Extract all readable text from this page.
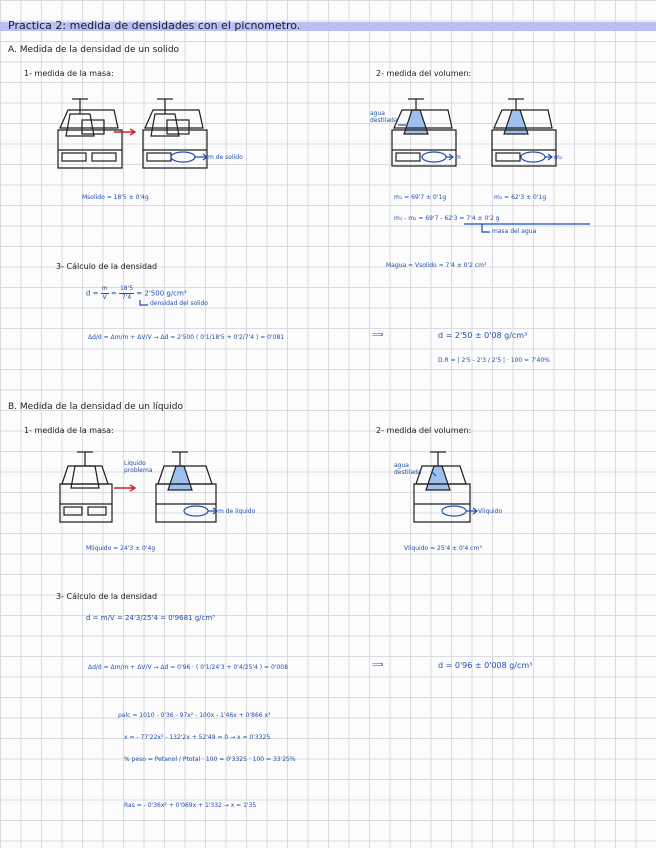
Practica 2: medida de densidades con el picnometro.
A. Medida de la densidad de un solido
1- medida de la masa:	2- medida del volumen:
m de solido
agua destilada
m	m₂
Msolido = 18'5 ± 0'4g	m₁ = 69'7 ± 0'1g	m₂ = 62'3 ± 0'1g
m₁ - m₂ = 69'7 - 62'3 = 7'4 ± 0'2 g
masa del agua
Magua = Vsolido = 7'4 ± 0'2 cm³
3- Cálculo de la densidad
$d = \frac{m}{V} = \frac{18'5}{7'4} = 2'500$ g/cm³
densidad del solido
Δd/d = Δm/m + ΔV/V → Δd = 2'500 ( 0'1/18'5 + 0'2/7'4 ) = 0'081	⟹	d = 2'50 ± 0'08 g/cm³
D.R = | 2'5 - 2'3 / 2'5 | · 100 = 7'40%
B. Medida de la densidad de un líquido
1- medida de la masa:	2- medida del volumen:
Liquido problema
m de líquido
agua destilada
Vliquido
Mliquido = 24'3 ± 0'4g	Vliquido = 25'4 ± 0'4 cm³
3- Cálculo de la densidad
d = m/V = 24'3/25'4 = 0'9681 g/cm³
Δd/d = Δm/m + ΔV/V → Δd = 0'96 · ( 0'1/24'3 + 0'4/25'4 ) = 0'008	⟹	d = 0'96 ± 0'008 g/cm³
ρalc = 1010 - 0'36 - 97x² - 100x - 1'46x + 0'866 x³
x = - 77'22x³ - 132'2x + 52'49 = 0 → x = 0'3325
% peso = Petanol / Ptotal · 100 = 0'3325 · 100 = 33'25%
Ras = - 0'36x² + 0'069x + 1'332 → x = 1'35
